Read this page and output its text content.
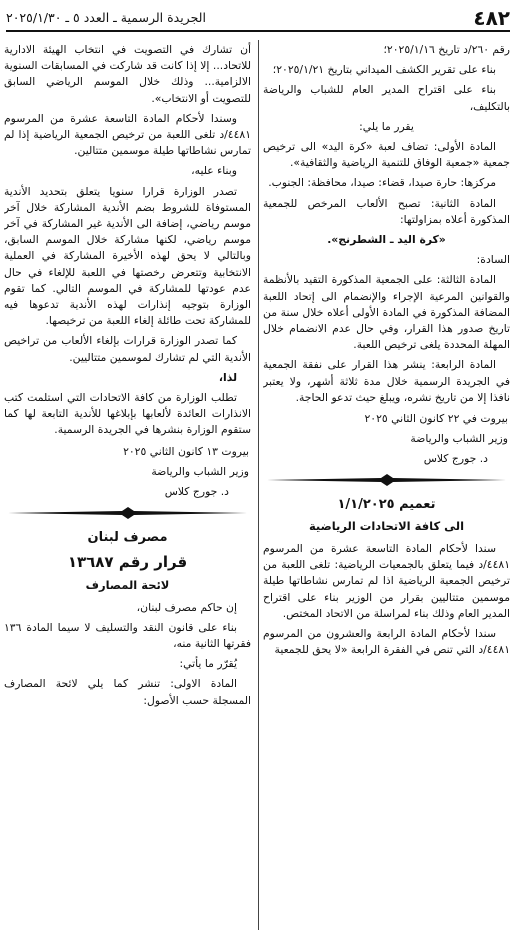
٤٨٢
الجريدة الرسمية ـ العدد ٥ ـ ٢٠٢٥/١/٣٠

رقم ٢٦٠/د تاريخ ٢٠٢٥/١/١٦؛

بناء على تقرير الكشف الميداني بتاريخ ٢٠٢٥/١/٢١؛

بناء على اقتراح المدير العام للشباب والرياضة بالتكليف،

يقرر ما يلي:

المادة الأولى: تضاف لعبة «كرة اليد» الى ترخيص جمعية «جمعية الوفاق للتنمية الرياضية والثقافية».

مركزها: حارة صيدا، قضاء: صيدا، محافظة: الجنوب.

المادة الثانية: تصبح الألعاب المرخص للجمعية المذكورة أعلاه بمزاولتها:

«كرة اليد ـ الشطرنج».

السادة:

المادة الثالثة: على الجمعية المذكورة التقيد بالأنظمة والقوانين المرعية الإجراء والإنضمام الى إتحاد اللعبة المضافة المذكورة في المادة الأولى أعلاه خلال سنة من تاريخ صدور هذا القرار، وفي حال عدم الانضمام خلال المهلة المحددة يلغى ترخيص اللعبة.

المادة الرابعة: ينشر هذا القرار على نفقة الجمعية في الجريدة الرسمية خلال مدة ثلاثة أشهر، ولا يعتبر نافذا إلا من تاريخ نشره، ويبلغ حيث تدعو الحاجة.

بيروت في ٢٢ كانون الثاني ٢٠٢٥
وزير الشباب والرياضة
د. جورج كلاس
تعميم ١/١/٢٠٢٥
الى كافة الاتحادات الرياضية

سندا لأحكام المادة التاسعة عشرة من المرسوم ٤٤٨١/د فيما يتعلق بالجمعيات الرياضية: تلغى اللعبة من ترخيص الجمعية الرياضية اذا لم تمارس نشاطاتها طيلة موسمين متتاليين بقرار من الوزير بناء على اقتراح المدير العام وذلك بناء لمراسلة من الاتحاد المختص.

سندا لأحكام المادة الرابعة والعشرون من المرسوم ٤٤٨١/د التي تنص في الفقرة الرابعة «لا يحق للجمعية

أن تشارك في التصويت في انتخاب الهيئة الادارية للاتحاد... إلا إذا كانت قد شاركت في المسابقات السنوية الالزامية... وذلك خلال الموسم الرياضي السابق للتصويت أو الانتخاب».

وسندا لأحكام المادة التاسعة عشرة من المرسوم ٤٤٨١/د تلغى اللعبة من ترخيص الجمعية الرياضية إذا لم تمارس نشاطاتها طيلة موسمين متتالين.

وبناء عليه،

تصدر الوزارة قرارا سنويا يتعلق بتحديد الأندية المستوفاة للشروط بضم الأندية المشاركة خلال آخر موسم رياضي، إضافة الى الأندية غير المشاركة في آخر موسم رياضي، لكنها مشاركة خلال الموسم السابق، وبالتالي لا يحق لهذه الأخيرة المشاركة في العملية الانتخابية وتتعرض رخصتها في اللعبة للإلغاء في حال عدم عودتها للمشاركة في الموسم التالي. كما تقوم الوزارة بتوجيه إنذارات لهذه الأندية تدعوها فيه للمشاركة تحت طائلة إلغاء اللعبة من ترخيصها.

كما تصدر الوزارة قرارات بإلغاء الألعاب من تراخيص الأندية التي لم تشارك لموسمين متتاليين.

لذا،

تطلب الوزارة من كافة الاتحادات التي استلمت كتب الانذارات العائدة لألعابها بإبلاغها للأندية التابعة لها كما ستقوم الوزارة بنشرها في الجريدة الرسمية.

بيروت ١٣ كانون الثاني ٢٠٢٥
وزير الشباب والرياضة
د. جورج كلاس
مصرف لبنان
قرار رقم ١٣٦٨٧
لائحة المصارف

إن حاكم مصرف لبنان،

بناء على قانون النقد والتسليف لا سيما المادة ١٣٦ فقرتها الثانية منه،

يُقرّر ما يأتي:

المادة الاولى: تنشر كما يلي لائحة المصارف المسجلة حسب الأصول:
